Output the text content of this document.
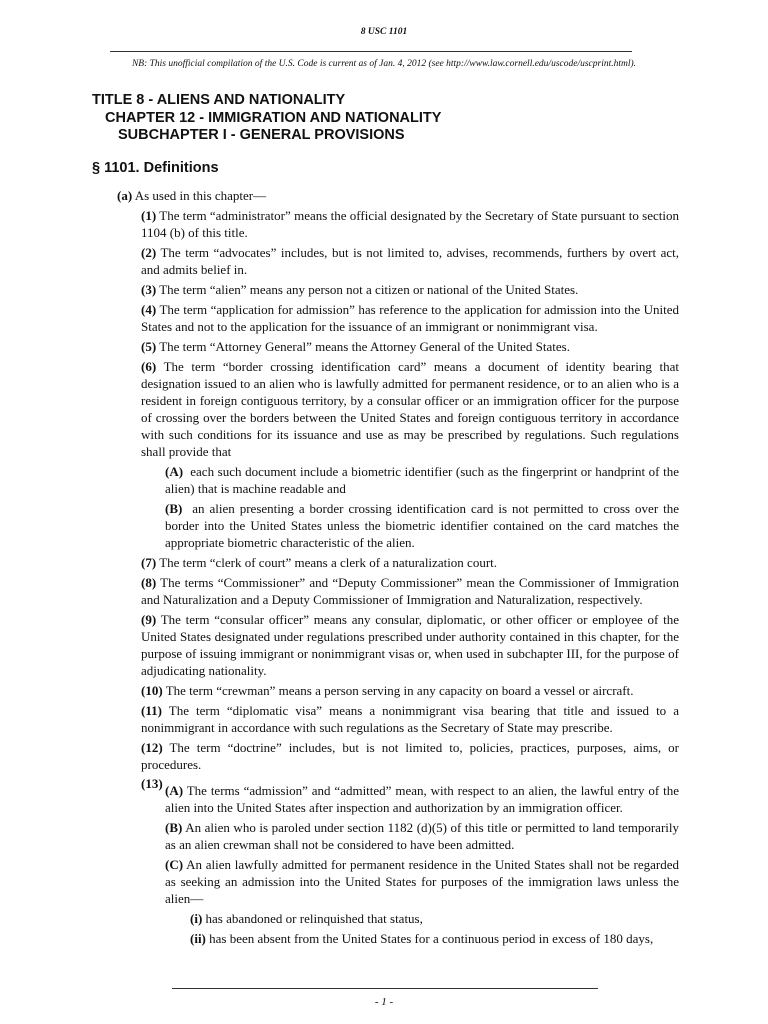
8 USC 1101
NB: This unofficial compilation of the U.S. Code is current as of Jan. 4, 2012 (see http://www.law.cornell.edu/uscode/uscprint.html).
TITLE 8 - ALIENS AND NATIONALITY
CHAPTER 12 - IMMIGRATION AND NATIONALITY
SUBCHAPTER I - GENERAL PROVISIONS
§ 1101. Definitions

(a) As used in this chapter—

(1) The term “administrator” means the official designated by the Secretary of State pursuant to section 1104 (b) of this title.

(2) The term “advocates” includes, but is not limited to, advises, recommends, furthers by overt act, and admits belief in.

(3) The term “alien” means any person not a citizen or national of the United States.

(4) The term “application for admission” has reference to the application for admission into the United States and not to the application for the issuance of an immigrant or nonimmigrant visa.

(5) The term “Attorney General” means the Attorney General of the United States.

(6) The term “border crossing identification card” means a document of identity bearing that designation issued to an alien who is lawfully admitted for permanent residence, or to an alien who is a resident in foreign contiguous territory, by a consular officer or an immigration officer for the purpose of crossing over the borders between the United States and foreign contiguous territory in accordance with such conditions for its issuance and use as may be prescribed by regulations. Such regulations shall provide that

(A) each such document include a biometric identifier (such as the fingerprint or handprint of the alien) that is machine readable and

(B) an alien presenting a border crossing identification card is not permitted to cross over the border into the United States unless the biometric identifier contained on the card matches the appropriate biometric characteristic of the alien.

(7) The term “clerk of court” means a clerk of a naturalization court.

(8) The terms “Commissioner” and “Deputy Commissioner” mean the Commissioner of Immigration and Naturalization and a Deputy Commissioner of Immigration and Naturalization, respectively.

(9) The term “consular officer” means any consular, diplomatic, or other officer or employee of the United States designated under regulations prescribed under authority contained in this chapter, for the purpose of issuing immigrant or nonimmigrant visas or, when used in subchapter III, for the purpose of adjudicating nationality.

(10) The term “crewman” means a person serving in any capacity on board a vessel or aircraft.

(11) The term “diplomatic visa” means a nonimmigrant visa bearing that title and issued to a nonimmigrant in accordance with such regulations as the Secretary of State may prescribe.

(12) The term “doctrine” includes, but is not limited to, policies, practices, purposes, aims, or procedures.

(13) (A) The terms “admission” and “admitted” mean, with respect to an alien, the lawful entry of the alien into the United States after inspection and authorization by an immigration officer.

(B) An alien who is paroled under section 1182 (d)(5) of this title or permitted to land temporarily as an alien crewman shall not be considered to have been admitted.

(C) An alien lawfully admitted for permanent residence in the United States shall not be regarded as seeking an admission into the United States for purposes of the immigration laws unless the alien—

(i) has abandoned or relinquished that status,

(ii) has been absent from the United States for a continuous period in excess of 180 days,

- 1 -
